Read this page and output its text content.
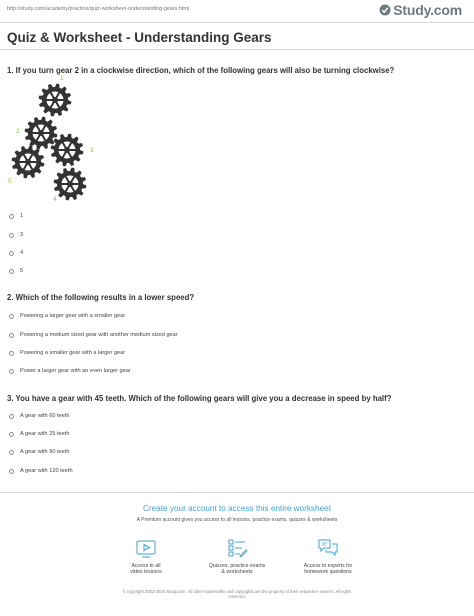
http://study.com/academy/practice/quiz-worksheet-understanding-gears.html	Study.com
Quiz & Worksheet - Understanding Gears
1. If you turn gear 2 in a clockwise direction, which of the following gears will also be turning clockwise?
1
2
3
4
5
1
3
4
5
2. Which of the following results in a lower speed?
Powering a larger gear with a smaller gear
Powering a medium sized gear with another medium sized gear
Powering a smaller gear with a larger gear
Power a larger gear with an even larger gear
3. You have a gear with 45 teeth. Which of the following gears will give you a decrease in speed by half?
A gear with 60 teeth
A gear with 25 teeth
A gear with 90 teeth
A gear with 120 teeth
Create your account to access this entire worksheet
A Premium account gives you access to all lessons, practice exams, quizzes & worksheets
Access to all
video lessons
Quizzes, practice exams
& worksheets
Access to experts for
homework questions
© copyright 2003-2020 Study.com. All other trademarks and copyrights are the property of their respective owners. All rights
reserved.
